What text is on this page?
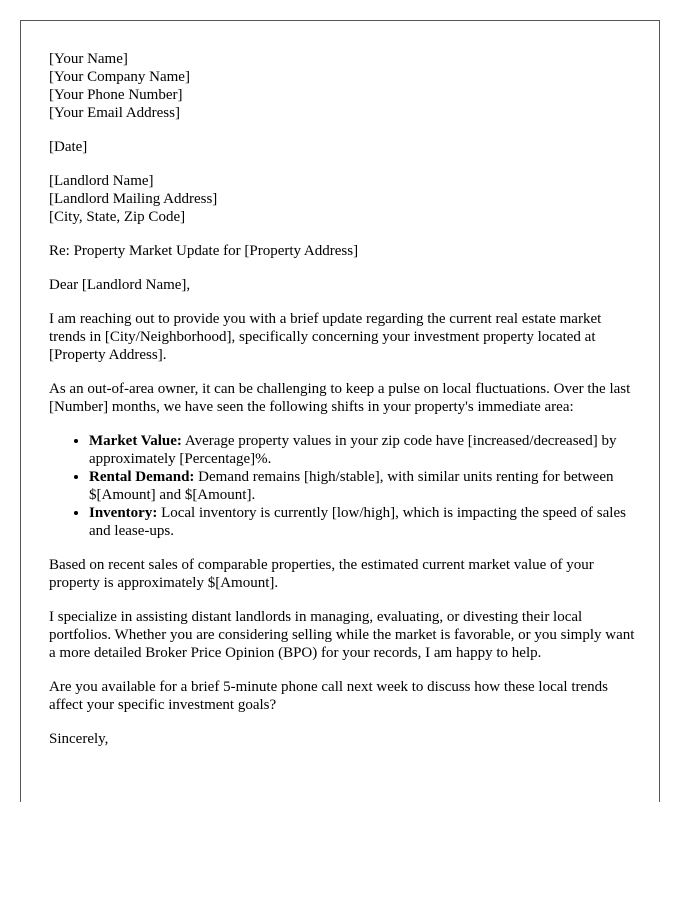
[Your Name]
[Your Company Name]
[Your Phone Number]
[Your Email Address]

[Date]

[Landlord Name]
[Landlord Mailing Address]
[City, State, Zip Code]

Re: Property Market Update for [Property Address]

Dear [Landlord Name],

I am reaching out to provide you with a brief update regarding the current real estate market trends in [City/Neighborhood], specifically concerning your investment property located at [Property Address].

As an out-of-area owner, it can be challenging to keep a pulse on local fluctuations. Over the last [Number] months, we have seen the following shifts in your property's immediate area:

• Market Value: Average property values in your zip code have [increased/decreased] by approximately [Percentage]%.
• Rental Demand: Demand remains [high/stable], with similar units renting for between $[Amount] and $[Amount].
• Inventory: Local inventory is currently [low/high], which is impacting the speed of sales and lease-ups.

Based on recent sales of comparable properties, the estimated current market value of your property is approximately $[Amount].

I specialize in assisting distant landlords in managing, evaluating, or divesting their local portfolios. Whether you are considering selling while the market is favorable, or you simply want a more detailed Broker Price Opinion (BPO) for your records, I am happy to help.

Are you available for a brief 5-minute phone call next week to discuss how these local trends affect your specific investment goals?

Sincerely,
